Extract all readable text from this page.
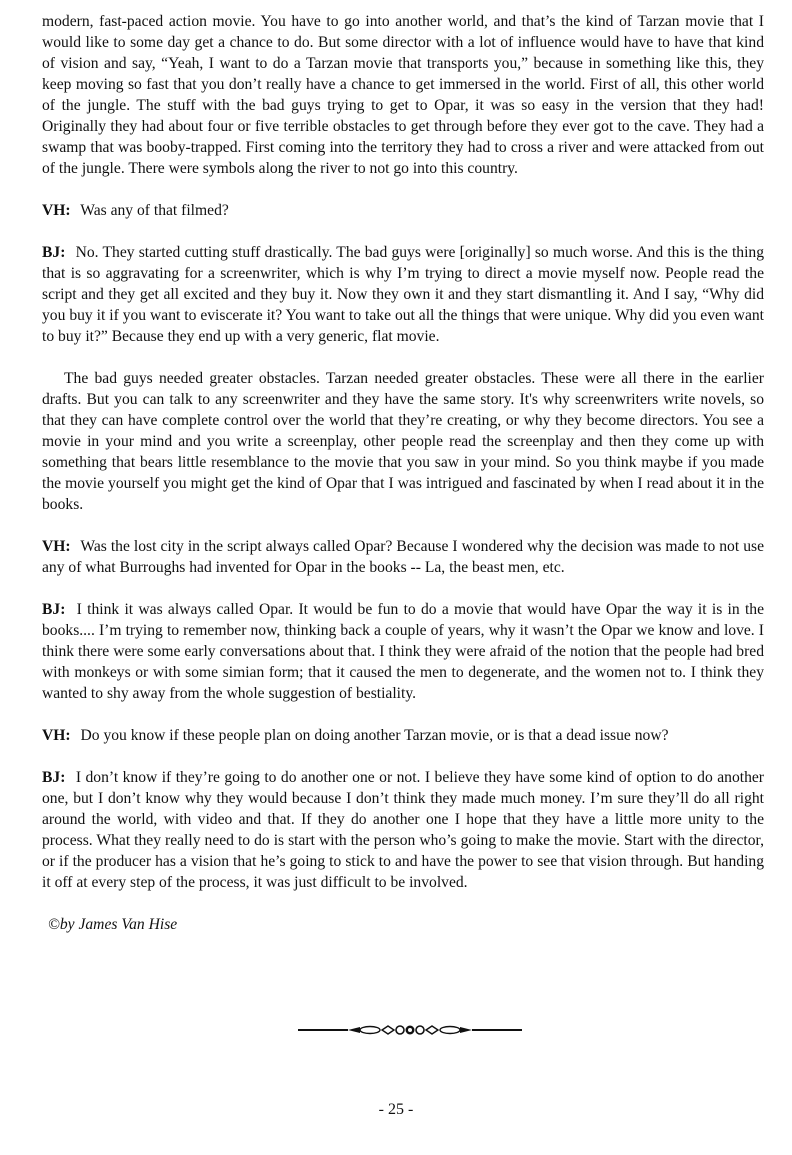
modern, fast-paced action movie. You have to go into another world, and that’s the kind of Tarzan movie that I would like to some day get a chance to do. But some director with a lot of influence would have to have that kind of vision and say, “Yeah, I want to do a Tarzan movie that transports you,” because in something like this, they keep moving so fast that you don’t really have a chance to get immersed in the world. First of all, this other world of the jungle. The stuff with the bad guys trying to get to Opar, it was so easy in the version that they had! Originally they had about four or five terrible obstacles to get through before they ever got to the cave. They had a swamp that was booby-trapped. First coming into the territory they had to cross a river and were attacked from out of the jungle. There were symbols along the river to not go into this country.

VH: Was any of that filmed?

BJ: No. They started cutting stuff drastically. The bad guys were [originally] so much worse. And this is the thing that is so aggravating for a screenwriter, which is why I’m trying to direct a movie myself now. People read the script and they get all excited and they buy it. Now they own it and they start dismantling it. And I say, “Why did you buy it if you want to eviscerate it? You want to take out all the things that were unique. Why did you even want to buy it?” Because they end up with a very generic, flat movie.

The bad guys needed greater obstacles. Tarzan needed greater obstacles. These were all there in the earlier drafts. But you can talk to any screenwriter and they have the same story. It's why screenwriters write novels, so that they can have complete control over the world that they’re creating, or why they become directors. You see a movie in your mind and you write a screenplay, other people read the screenplay and then they come up with something that bears little resemblance to the movie that you saw in your mind. So you think maybe if you made the movie yourself you might get the kind of Opar that I was intrigued and fascinated by when I read about it in the books.

VH: Was the lost city in the script always called Opar? Because I wondered why the decision was made to not use any of what Burroughs had invented for Opar in the books -- La, the beast men, etc.

BJ: I think it was always called Opar. It would be fun to do a movie that would have Opar the way it is in the books.... I’m trying to remember now, thinking back a couple of years, why it wasn’t the Opar we know and love. I think there were some early conversations about that. I think they were afraid of the notion that the people had bred with monkeys or with some simian form; that it caused the men to degenerate, and the women not to. I think they wanted to shy away from the whole suggestion of bestiality.

VH: Do you know if these people plan on doing another Tarzan movie, or is that a dead issue now?

BJ: I don’t know if they’re going to do another one or not. I believe they have some kind of option to do another one, but I don’t know why they would because I don’t think they made much money. I’m sure they’ll do all right around the world, with video and that. If they do another one I hope that they have a little more unity to the process. What they really need to do is start with the person who’s going to make the movie. Start with the director, or if the producer has a vision that he’s going to stick to and have the power to see that vision through. But handing it off at every step of the process, it was just difficult to be involved.

©by James Van Hise

- 25 -
